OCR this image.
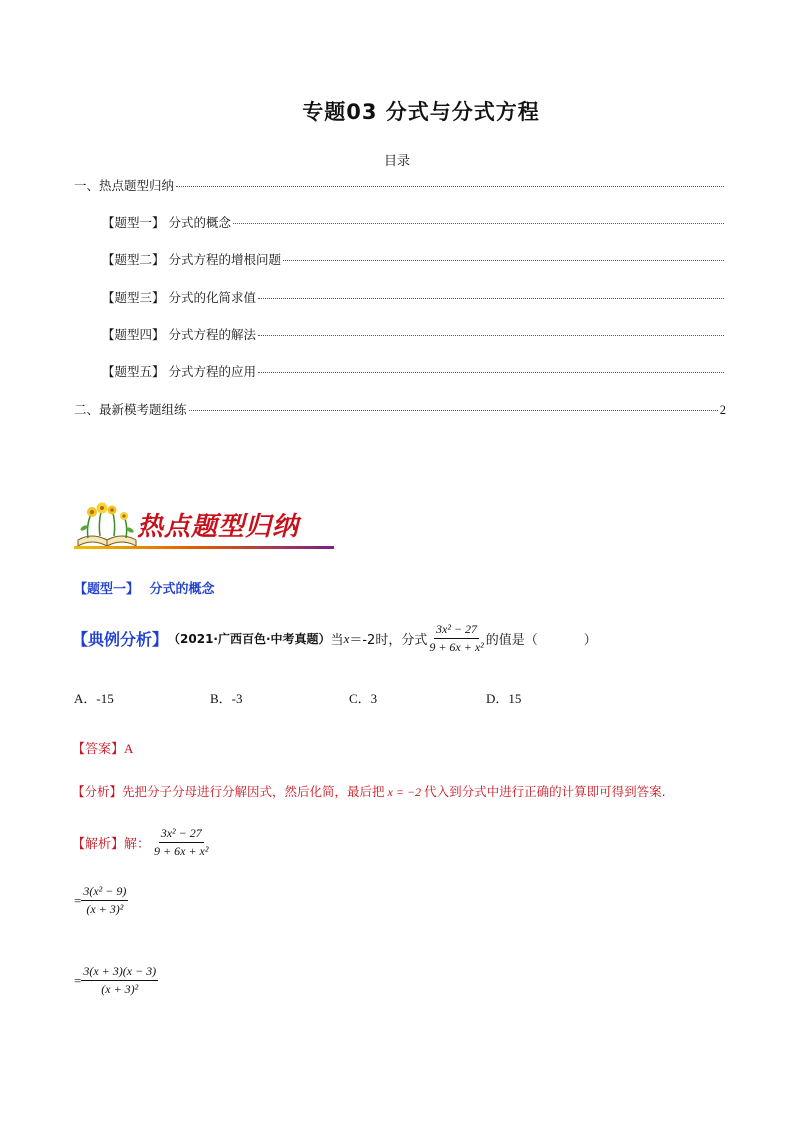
专题03 分式与分式方程
目录
一、热点题型归纳
【题型一】 分式的概念
【题型二】 分式方程的增根问题
【题型三】 分式的化简求值
【题型四】 分式方程的解法
【题型五】 分式方程的应用
二、最新模考题组练	2
热点题型归纳
【题型一】 分式的概念
【典例分析】 （2021·广西百色·中考真题） 当 x ＝-2 时，分式 $\frac{\text{3x² − 27}}{\text{9 + 6x + x²}}$ 的值是（	）
A．-15	B．-3	C．3	D．15
【答案】A
【分析】先把分子分母进行分解因式，然后化简，最后把 x = −2 代入到分式中进行正确的计算即可得到答案.
【解析】 解： $\frac{\text{3x² − 27}}{\text{9 + 6x + x²}}$
= $\frac{\text{3(x² − 9)}}{\text{(x + 3)²}}$
= $\frac{3(x + 3)(x - 3)}{\text{(x + 3)²}}$
